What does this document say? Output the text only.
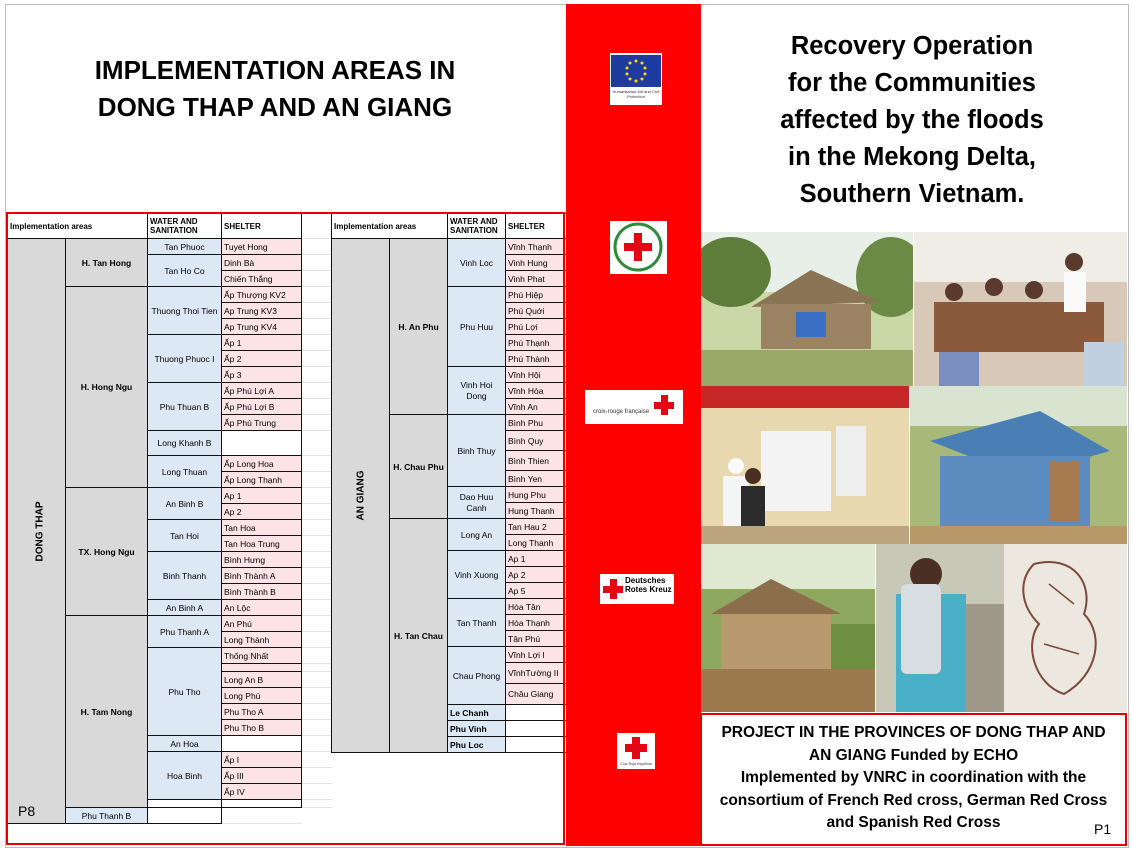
IMPLEMENTATION AREAS IN
DONG THAP AND AN GIANG
Implementation areas		WATER AND SANITATION	SHELTER	
DONG THAP	H. Tan Hong	Tan Phuoc	Tuyet Hong	
		Tan Ho Co	Dinh Bà	
			Chiến Thắng	
	H. Hong Ngu	Thuong Thoi Tien	Ấp Thượng KV2	
			Ap Trung KV3	
			Ap Trung KV4	
		Thuong Phuoc I	Ấp 1	
			Ấp 2	
			Ấp 3	
		Phu Thuan B	Ấp Phú Lợi A	
			Ấp Phú Lợi B	
			Ấp Phú Trung	
		Long Khanh B		
		Long Thuan	Ấp Long Hoa	
			Ấp Long Thạnh	
	TX. Hong Ngu	An Binh B	Ap 1	
			Ap 2	
		Tan Hoi	Tan Hoa	
			Tan Hoa Trung	
		Binh Thanh	Bình Hưng	
			Bình Thành A	
			Bình Thành B	
		An Binh A	An Lộc	
	H. Tam Nong	Phu Thanh A	An Phú	
			Long Thành	
		Phu Tho	Thống Nhất	

			Long An B	
			Long Phú	
			Phu Tho A	
			Phu Tho B	
		An Hoa		
		Hoa Binh	Ấp I	
			Ấp III	
			Ấp IV	

	Phu Thanh B			
Implementation areas		WATER AND SANITATION	SHELTER
AN GIANG	H. An Phu	Vinh Loc	Vĩnh Thạnh
			Vinh Hung
			Vinh Phat
		Phu Huu	Phú Hiệp
			Phú Quới
			Phú Lợi
			Phú Thạnh
			Phú Thành
		Vinh Hoi Dong	Vĩnh Hội
			Vĩnh Hòa
			Vĩnh An
	H. Chau Phu	Binh Thuy	Bình Phu
			Bình Quy
			Bình Thien
			Bình Yen
		Dao Huu Canh	Hung Phu
			Hung Thanh
	H. Tan Chau	Long An	Tan Hau 2
			Long Thanh
		Vinh Xuong	Ap 1
			Ap 2
			Ap 5
		Tan Thanh	Hòa Tân
			Hòa Thạnh
			Tân Phú
		Chau Phong	Vĩnh Lợi I
			VĩnhTường II
			Châu Giang
		Le Chanh	
		Phu Vinh	
		Phu Loc	
P8
Humanitarian Aid and Civil Protection
croix-rouge française
Deutsches Rotes Kreuz
Cruz Roja Española
Recovery Operation
for the Communities
affected by the floods
in the Mekong Delta,
Southern Vietnam.
PROJECT IN THE PROVINCES OF DONG THAP AND
AN GIANG Funded by ECHO
Implemented by VNRC in coordination with the
consortium of French Red cross, German Red Cross
and Spanish Red Cross	P1
